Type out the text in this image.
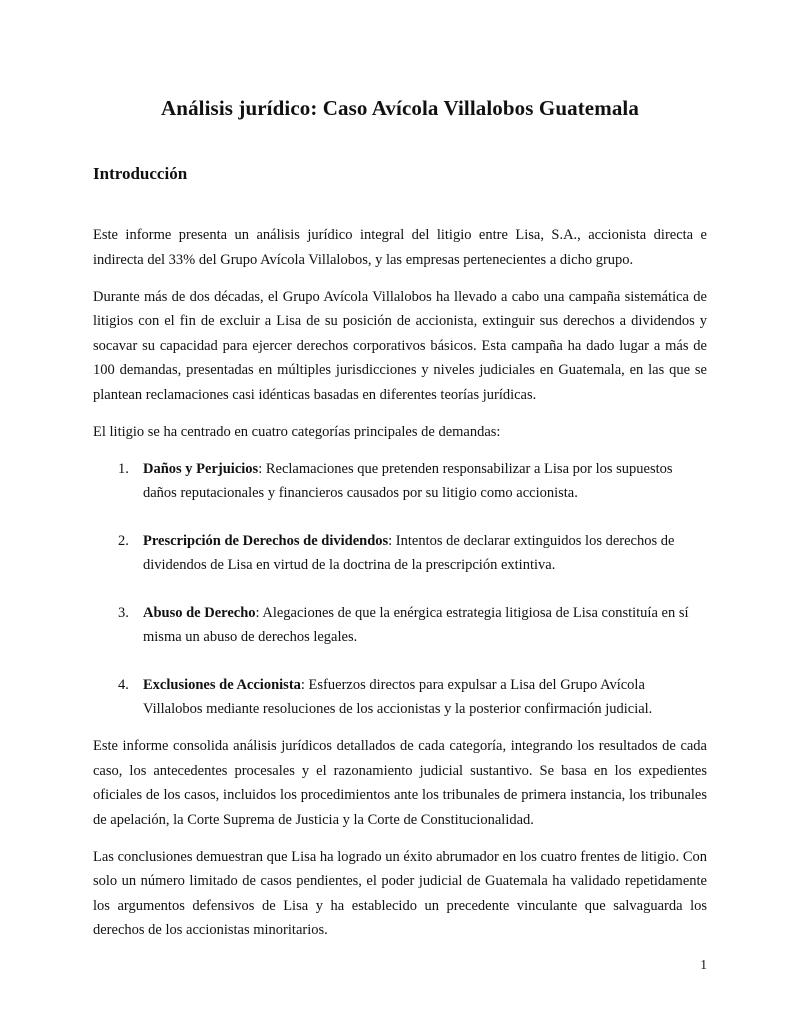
Análisis jurídico: Caso Avícola Villalobos Guatemala
Introducción

Este informe presenta un análisis jurídico integral del litigio entre Lisa, S.A., accionista directa e indirecta del 33% del Grupo Avícola Villalobos, y las empresas pertenecientes a dicho grupo.

Durante más de dos décadas, el Grupo Avícola Villalobos ha llevado a cabo una campaña sistemática de litigios con el fin de excluir a Lisa de su posición de accionista, extinguir sus derechos a dividendos y socavar su capacidad para ejercer derechos corporativos básicos. Esta campaña ha dado lugar a más de 100 demandas, presentadas en múltiples jurisdicciones y niveles judiciales en Guatemala, en las que se plantean reclamaciones casi idénticas basadas en diferentes teorías jurídicas.

El litigio se ha centrado en cuatro categorías principales de demandas:

1. Daños y Perjuicios: Reclamaciones que pretenden responsabilizar a Lisa por los supuestos daños reputacionales y financieros causados por su litigio como accionista.
2. Prescripción de Derechos de dividendos: Intentos de declarar extinguidos los derechos de dividendos de Lisa en virtud de la doctrina de la prescripción extintiva.
3. Abuso de Derecho: Alegaciones de que la enérgica estrategia litigiosa de Lisa constituía en sí misma un abuso de derechos legales.
4. Exclusiones de Accionista: Esfuerzos directos para expulsar a Lisa del Grupo Avícola Villalobos mediante resoluciones de los accionistas y la posterior confirmación judicial.

Este informe consolida análisis jurídicos detallados de cada categoría, integrando los resultados de cada caso, los antecedentes procesales y el razonamiento judicial sustantivo. Se basa en los expedientes oficiales de los casos, incluidos los procedimientos ante los tribunales de primera instancia, los tribunales de apelación, la Corte Suprema de Justicia y la Corte de Constitucionalidad.

Las conclusiones demuestran que Lisa ha logrado un éxito abrumador en los cuatro frentes de litigio. Con solo un número limitado de casos pendientes, el poder judicial de Guatemala ha validado repetidamente los argumentos defensivos de Lisa y ha establecido un precedente vinculante que salvaguarda los derechos de los accionistas minoritarios.

1
